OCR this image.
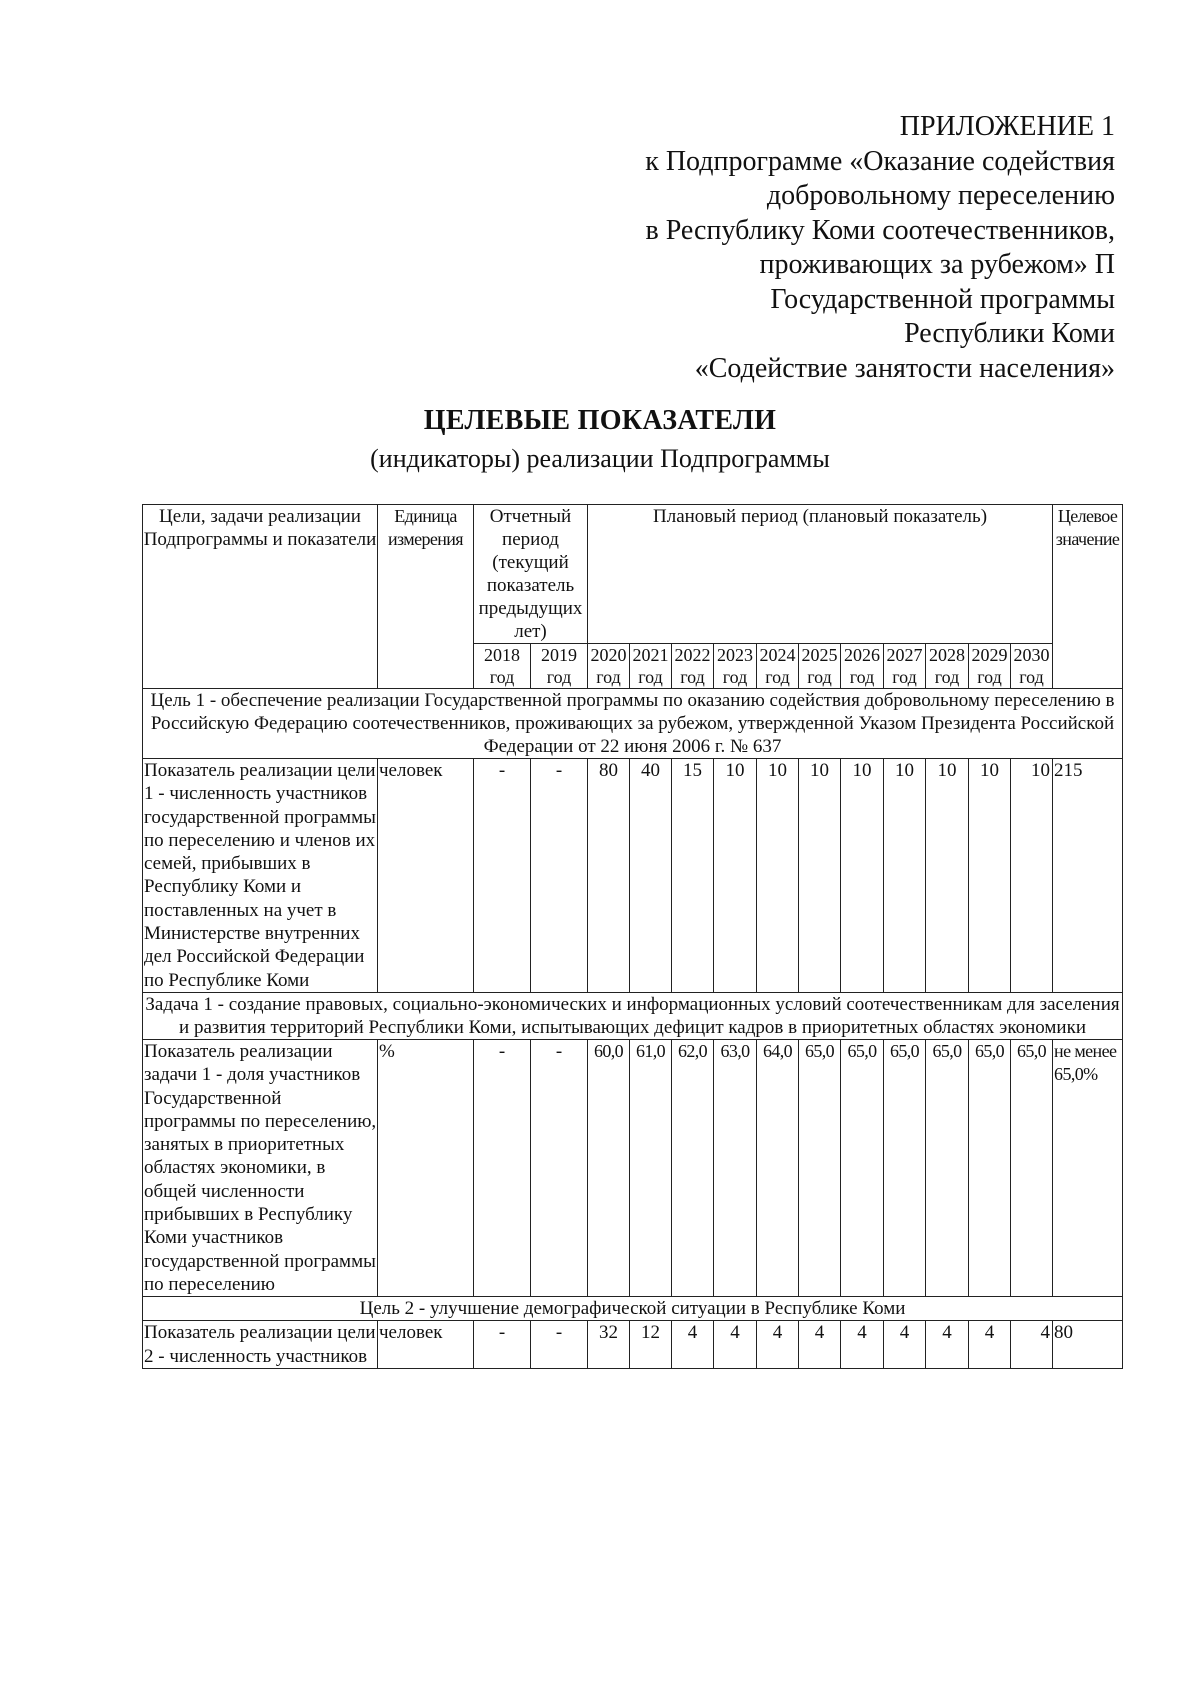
ПРИЛОЖЕНИЕ 1
к Подпрограмме «Оказание содействия
добровольному переселению
в Республику Коми соотечественников,
проживающих за рубежом» П
Государственной программы
Республики Коми
«Содействие занятости населения»
ЦЕЛЕВЫЕ ПОКАЗАТЕЛИ
(индикаторы) реализации Подпрограммы
Цели, задачи реализации Подпрограммы и показатели	Единица измерения	Отчетный период (текущий показатель предыдущих лет)		Плановый период (плановый показатель)											Целевое значение
		2018 год	2019 год	2020 год	2021 год	2022 год	2023 год	2024 год	2025 год	2026 год	2027 год	2028 год	2029 год	2030 год	
Цель 1 - обеспечение реализации Государственной программы по оказанию содействия добровольному переселению в Российскую Федерацию соотечественников, проживающих за рубежом, утвержденной Указом Президента Российской Федерации от 22 июня 2006 г. № 637															
Показатель реализации цели 1 - численность участников государственной программы по переселению и членов их семей, прибывших в Республику Коми и поставленных на учет в Министерстве внутренних дел Российской Федерации по Республике Коми	человек	-	-	80	40	15	10	10	10	10	10	10	10	10	215
Задача 1 - создание правовых, социально-экономических и информационных условий соотечественникам для заселения и развития территорий Республики Коми, испытывающих дефицит кадров в приоритетных областях экономики															
Показатель реализации задачи 1 - доля участников Государственной программы по переселению, занятых в приоритетных областях экономики, в общей численности прибывших в Республику Коми участников государственной программы по переселению	%	-	-	60,0	61,0	62,0	63,0	64,0	65,0	65,0	65,0	65,0	65,0	65,0	не менее 65,0%
Цель 2 - улучшение демографической ситуации в Республике Коми															
Показатель реализации цели 2 - численность участников	человек	-	-	32	12	4	4	4	4	4	4	4	4	4	80
